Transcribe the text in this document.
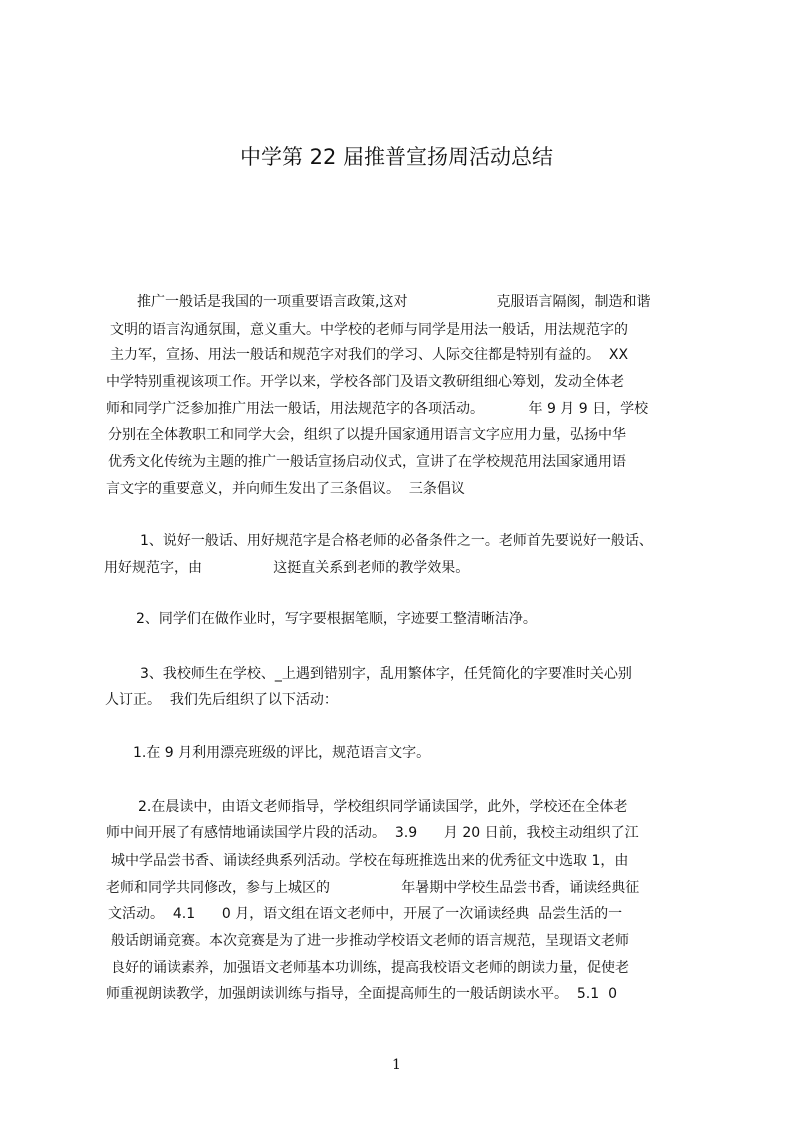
中学第 22 届推普宣扬周活动总结
推广一般话是我国的一项重要语言政策,这对                    克服语言隔阂，制造和谐
文明的语言沟通氛围，意义重大。中学校的老师与同学是用法一般话，用法规范字的
主力军，宣扬、用法一般话和规范字对我们的学习、人际交往都是特别有益的。  XX
中学特别重视该项工作。开学以来，学校各部门及语文教研组细心筹划，发动全体老
师和同学广泛参加推广用法一般话，用法规范字的各项活动。          年 9 月 9 日，学校
分别在全体教职工和同学大会，组织了以提升国家通用语言文字应用力量，弘扬中华
优秀文化传统为主题的推广一般话宣扬启动仪式，宣讲了在学校规范用法国家通用语
言文字的重要意义，并向师生发出了三条倡议。  三条倡议
1、说好一般话、用好规范字是合格老师的必备条件之一。老师首先要说好一般话、
用好规范字，由                这挺直关系到老师的教学效果。
2、同学们在做作业时，写字要根据笔顺，字迹要工整清晰洁净。
3、我校师生在学校、_上遇到错别字，乱用繁体字，任凭简化的字要准时关心别
人订正。  我们先后组织了以下活动：
1.在 9 月利用漂亮班级的评比，规范语言文字。
2.在晨读中，由语文老师指导，学校组织同学诵读国学，此外，学校还在全体老
师中间开展了有感情地诵读国学片段的活动。  3.9      月 20 日前，我校主动组织了江
城中学品尝书香、诵读经典系列活动。学校在每班推选出来的优秀征文中选取 1，由
老师和同学共同修改，参与上城区的                年暑期中学校生品尝书香，诵读经典征
文活动。  4.1      0 月，语文组在语文老师中，开展了一次诵读经典  品尝生活的一
般话朗诵竞赛。本次竞赛是为了进一步推动学校语文老师的语言规范，呈现语文老师
良好的诵读素养，加强语文老师基本功训练，提高我校语文老师的朗读力量，促使老
师重视朗读教学，加强朗读训练与指导，全面提高师生的一般话朗读水平。  5.1  0
1
